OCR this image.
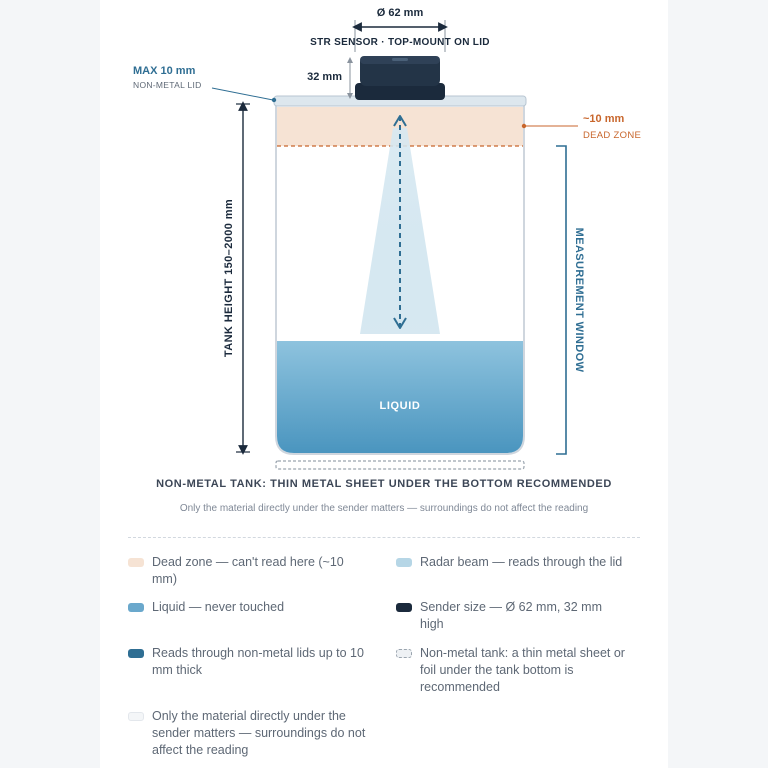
LIQUID
Ø 62 mm
STR SENSOR · TOP-MOUNT ON LID
32 mm
MAX 10 mm
NON-METAL LID
~10 mm
DEAD ZONE
TANK HEIGHT 150–2000 mm	MEASUREMENT WINDOW
NON-METAL TANK: THIN METAL SHEET UNDER THE BOTTOM RECOMMENDED
Only the material directly under the sender matters — surroundings do not affect the reading
Dead zone — can't read here (~10 mm)
Radar beam — reads through the lid
Liquid — never touched	Sender size — Ø 62 mm, 32 mm high
Reads through non-metal lids up to 10 mm thick
Non-metal tank: a thin metal sheet or foil under the tank bottom is recommended
Only the material directly under the sender matters — surroundings do not affect the reading
